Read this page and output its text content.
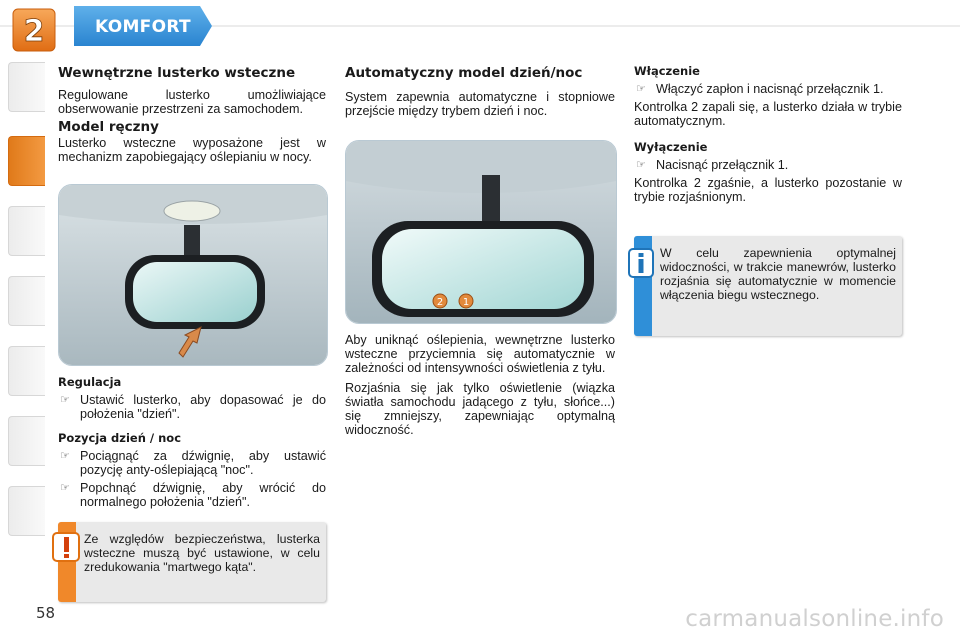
2	KOMFORT
Wewnętrzne lusterko wsteczne

Regulowane lusterko umożliwiające obserwowanie przestrzeni za samochodem.

Model ręczny

Lusterko wsteczne wyposażone jest w mechanizm zapobiegający oślepianiu w nocy.

Regulacja
☞ Ustawić lusterko, aby dopasować je do położenia "dzień".
Pozycja dzień / noc
☞ Pociągnąć za dźwignię, aby ustawić pozycję anty-oślepiającą "noc".
☞ Popchnąć dźwignię, aby wrócić do normalnego położenia "dzień".
Ze względów bezpieczeństwa, lusterka wsteczne muszą być ustawione, w celu zredukowania "martwego kąta".
Automatyczny model dzień/noc

System zapewnia automatyczne i stopniowe przejście między trybem dzień i noc.

2 1

Aby uniknąć oślepienia, wewnętrzne lusterko wsteczne przyciemnia się automatycznie w zależności od intensywności oświetlenia z tyłu.

Rozjaśnia się jak tylko oświetlenie (wiązka światła samochodu jadącego z tyłu, słońce...) się zmniejszy, zapewniając optymalną widoczność.

Włączenie
☞ Włączyć zapłon i nacisnąć przełącznik 1.

Kontrolka 2 zapali się, a lusterko działa w trybie automatycznym.

Wyłączenie
☞ Nacisnąć przełącznik 1.

Kontrolka 2 zgaśnie, a lusterko pozostanie w trybie rozjaśnionym.

W celu zapewnienia optymalnej widoczności, w trakcie manewrów, lusterko rozjaśnia się automatycznie w momencie włączenia biegu wstecznego.
58	carmanualsonline.info
